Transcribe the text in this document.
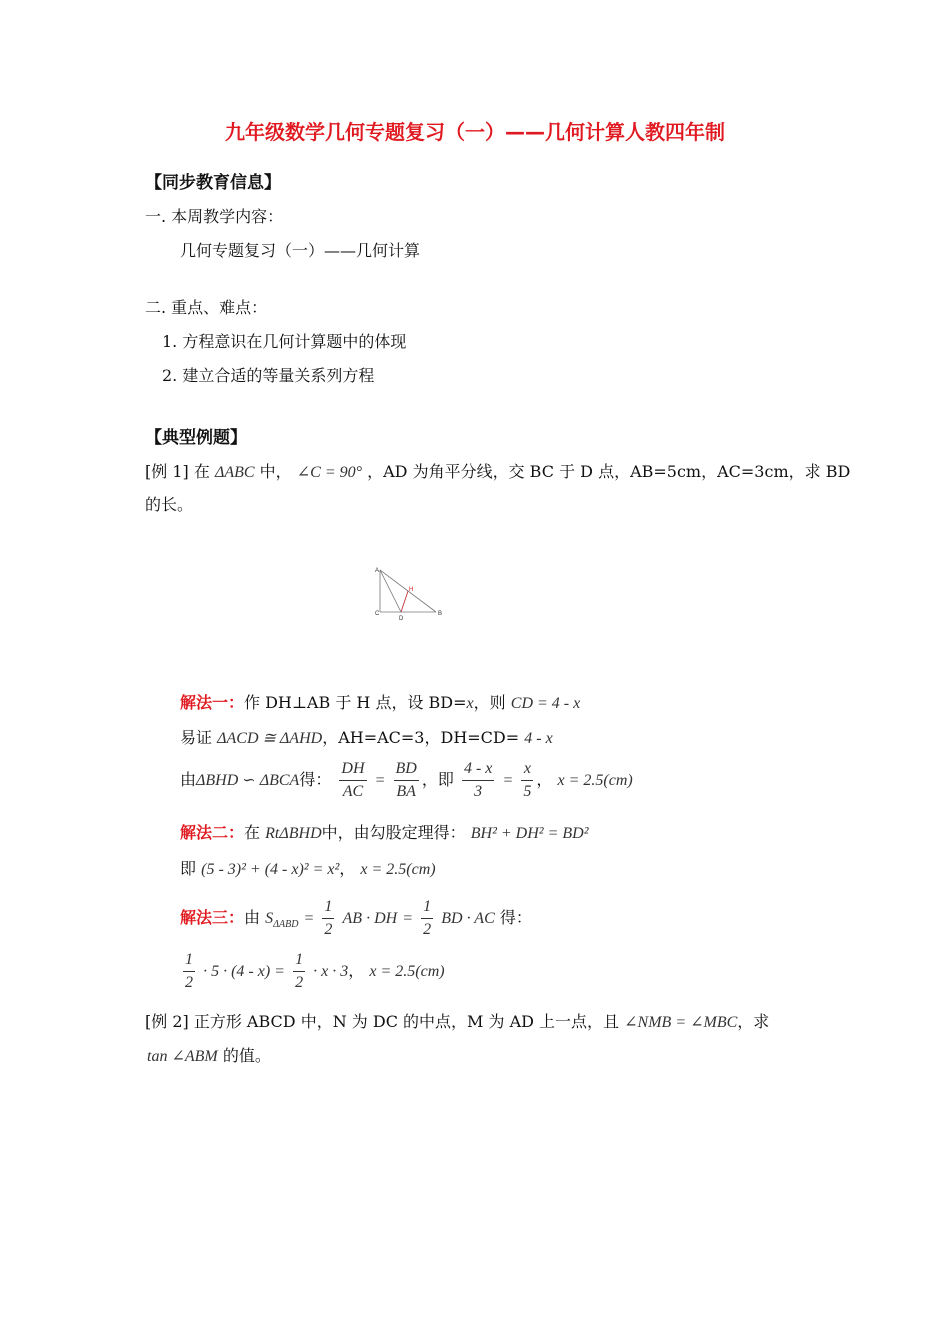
九年级数学几何专题复习（一）——几何计算人教四年制
【同步教育信息】
一. 本周教学内容：
几何专题复习（一）——几何计算
二. 重点、难点：
1. 方程意识在几何计算题中的体现
2. 建立合适的等量关系列方程
【典型例题】
[例 1] 在 ΔABC 中， ∠C = 90° ，AD 为角平分线，交 BC 于 D 点，AB=5cm，AC=3cm，求 BD
的长。
A
C	B
D
H
解法一：作 DH⊥AB 于 H 点，设 BD=x，则 CD = 4 - x
易证 ΔACD ≅ ΔAHD，AH=AC=3，DH=CD= 4 - x
由ΔBHD ∽ ΔBCA得： $\frac{DH}{AC} = \frac{BD}{BA}$ ，即 $\frac{4 - x}{3} = \frac{x}{5}$ ， x = 2.5(cm)
解法二：在 RtΔBHD中，由勾股定理得： BH² + DH² = BD²
即 (5 - 3)² + (4 - x)² = x²， x = 2.5(cm)
解法三：由 $S_{\Delta ABD} = \frac{1}{2}$ AB · DH = $\frac{1}{2}$ BD · AC 得：
$\frac{1}{2} \cdot 5 \cdot (4 - x) = \frac{1}{2} \cdot x \cdot 3$， x = 2.5(cm)
[例 2] 正方形 ABCD 中，N 为 DC 的中点，M 为 AD 上一点，且 ∠NMB = ∠MBC，求
tan ∠ABM 的值。
